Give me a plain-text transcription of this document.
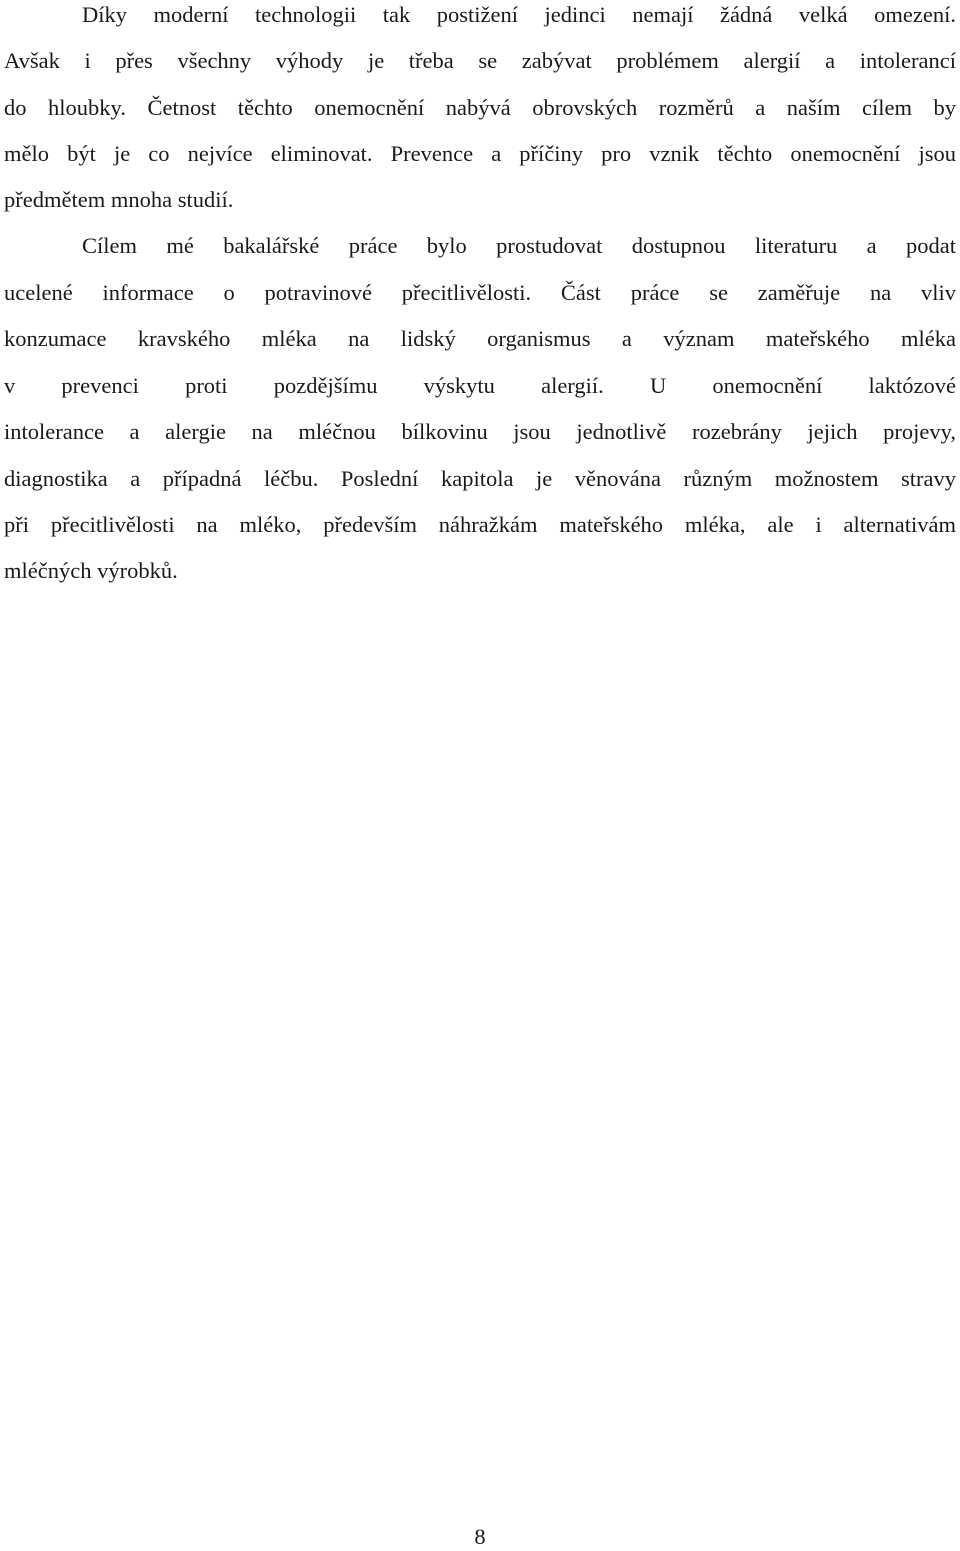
Díky moderní technologii tak postižení jedinci nemají žádná velká omezení.
Avšak i přes všechny výhody je třeba se zabývat problémem alergií a intolerancí
do hloubky. Četnost těchto onemocnění nabývá obrovských rozměrů a naším cílem by
mělo být je co nejvíce eliminovat. Prevence a příčiny pro vznik těchto onemocnění jsou
předmětem mnoha studií.
Cílem mé bakalářské práce bylo prostudovat dostupnou literaturu a podat
ucelené informace o potravinové přecitlivělosti. Část práce se zaměřuje na vliv
konzumace kravského mléka na lidský organismus a význam mateřského mléka
v prevenci proti pozdějšímu výskytu alergií. U onemocnění laktózové
intolerance a alergie na mléčnou bílkovinu jsou jednotlivě rozebrány jejich projevy,
diagnostika a případná léčbu. Poslední kapitola je věnována různým možnostem stravy
při přecitlivělosti na mléko, především náhražkám mateřského mléka, ale i alternativám
mléčných výrobků.
8
